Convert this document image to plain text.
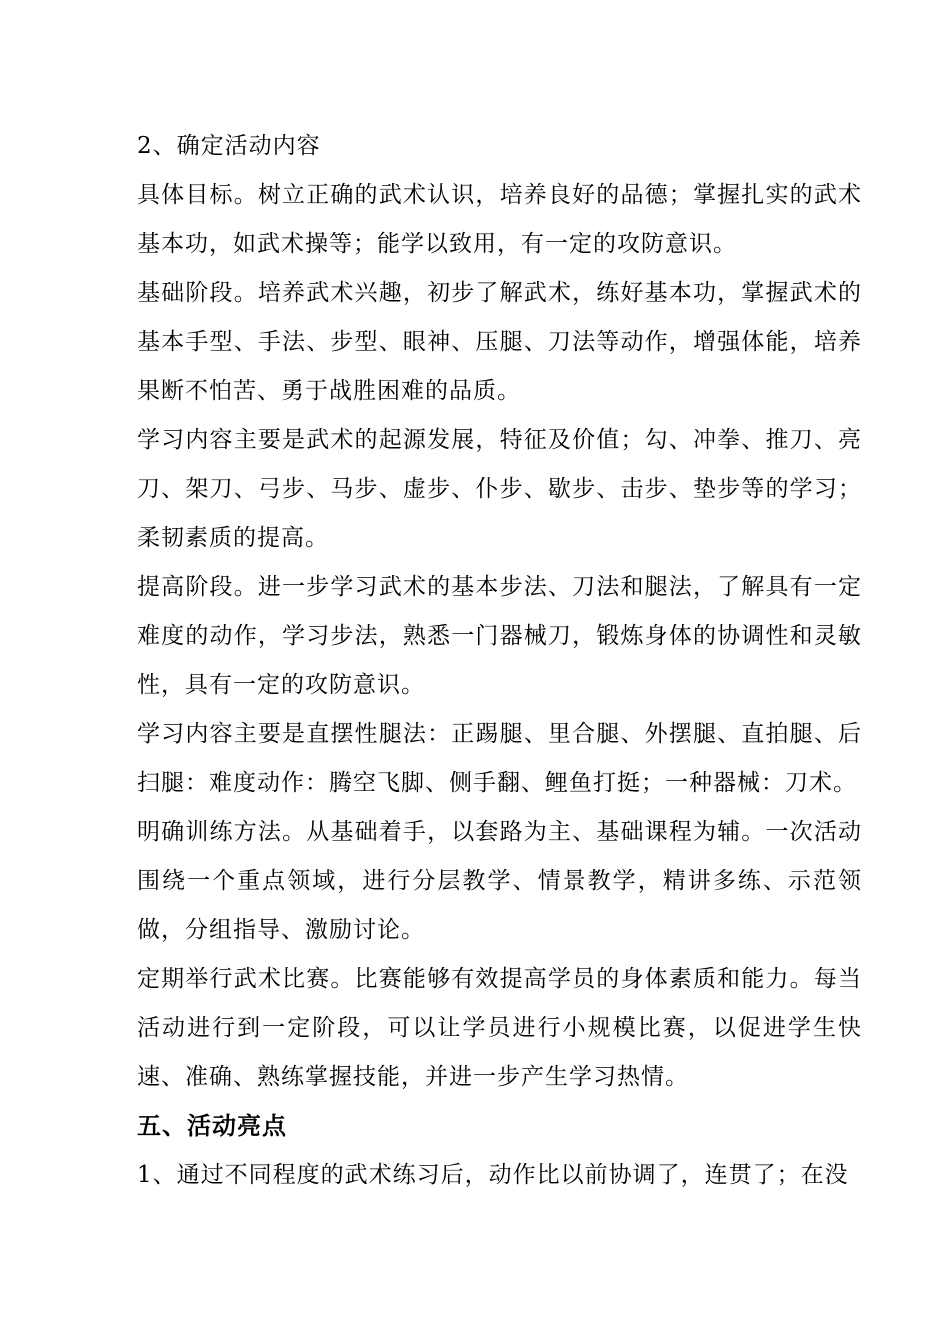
2、确定活动内容

具体目标。树立正确的武术认识，培养良好的品德；掌握扎实的武术基本功，如武术操等；能学以致用，有一定的攻防意识。

基础阶段。培养武术兴趣，初步了解武术，练好基本功，掌握武术的基本手型、手法、步型、眼神、压腿、刀法等动作，增强体能，培养果断不怕苦、勇于战胜困难的品质。

学习内容主要是武术的起源发展，特征及价值；勾、冲拳、推刀、亮刀、架刀、弓步、马步、虚步、仆步、歇步、击步、垫步等的学习；柔韧素质的提高。

提高阶段。进一步学习武术的基本步法、刀法和腿法，了解具有一定难度的动作，学习步法，熟悉一门器械刀，锻炼身体的协调性和灵敏性，具有一定的攻防意识。

学习内容主要是直摆性腿法：正踢腿、里合腿、外摆腿、直拍腿、后扫腿：难度动作：腾空飞脚、侧手翻、鲤鱼打挺；一种器械：刀术。

明确训练方法。从基础着手，以套路为主、基础课程为辅。一次活动围绕一个重点领域，进行分层教学、情景教学，精讲多练、示范领做，分组指导、激励讨论。

定期举行武术比赛。比赛能够有效提高学员的身体素质和能力。每当活动进行到一定阶段，可以让学员进行小规模比赛，以促进学生快速、准确、熟练掌握技能，并进一步产生学习热情。

五、活动亮点

1、通过不同程度的武术练习后，动作比以前协调了，连贯了；在没
